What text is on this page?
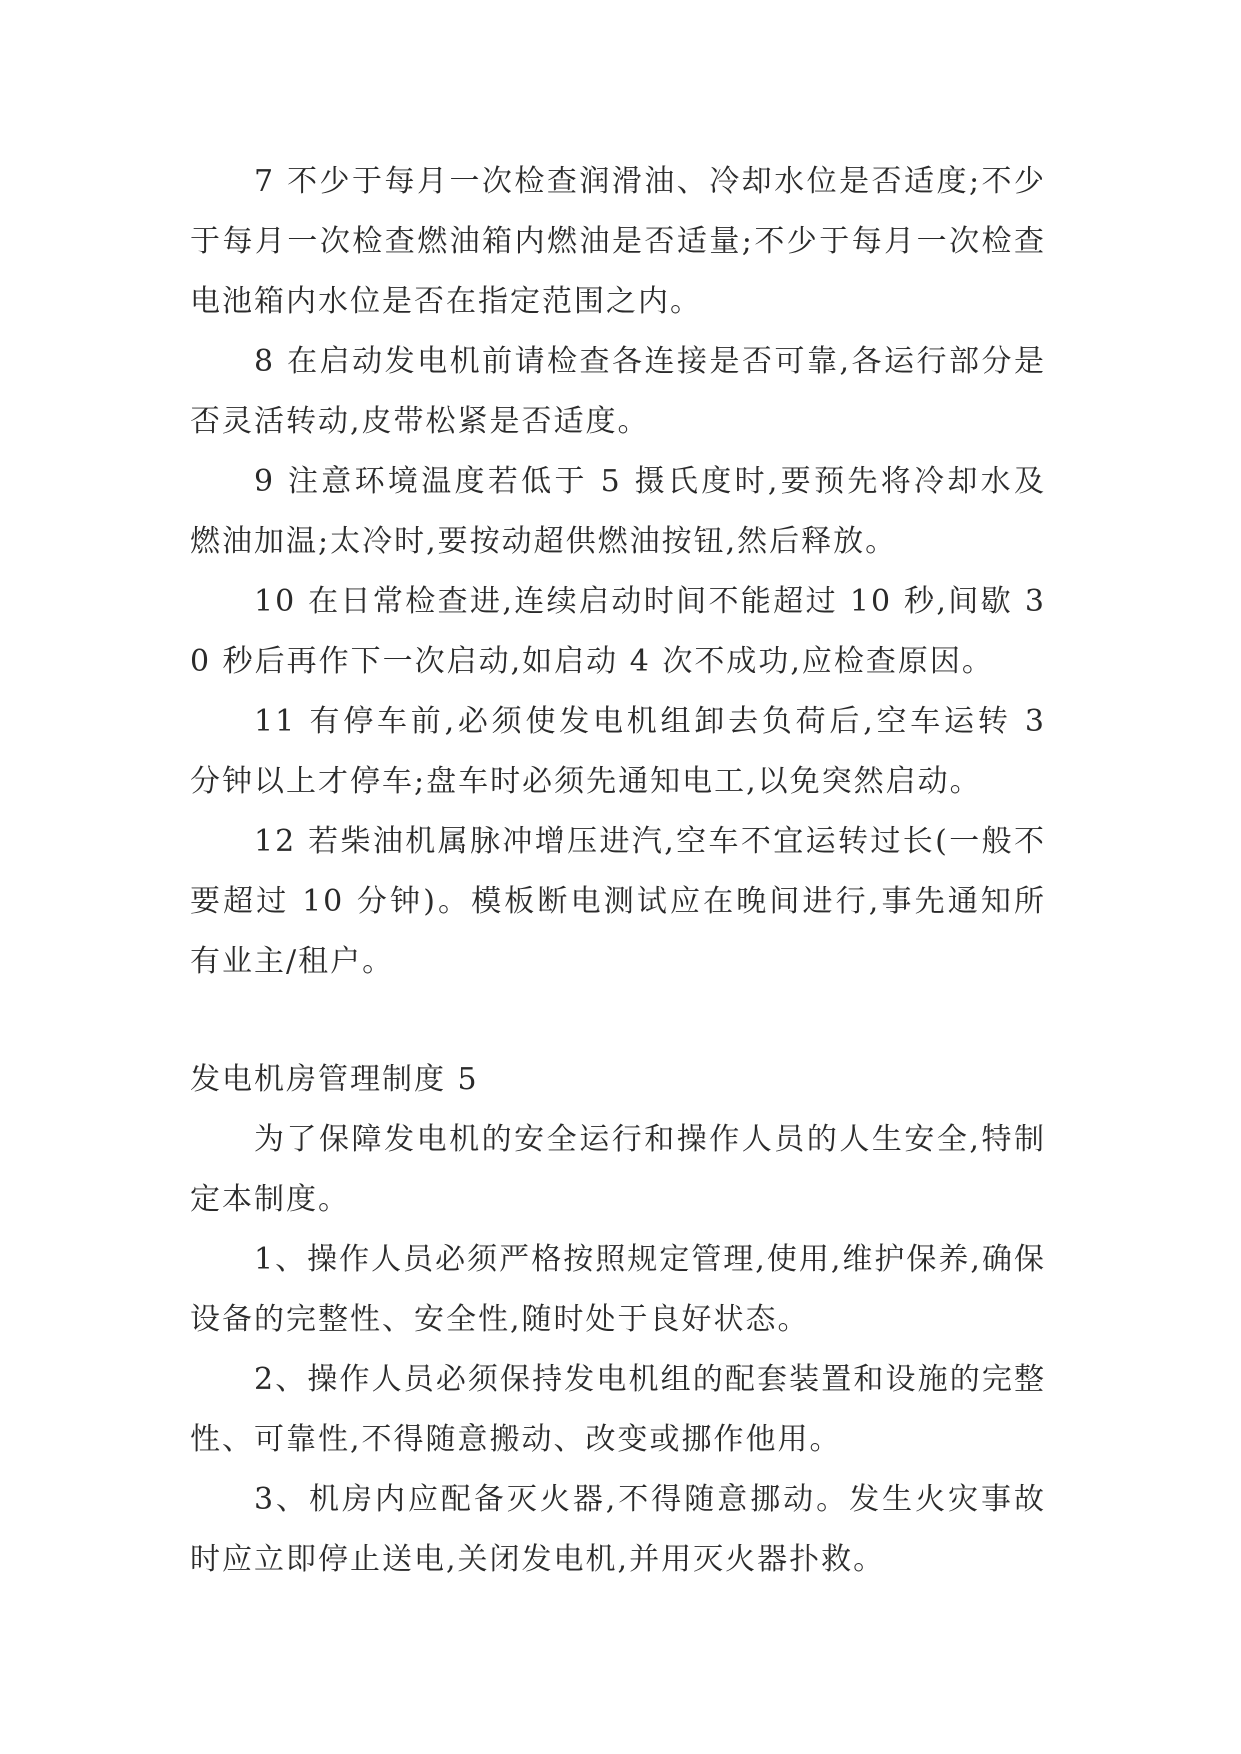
7 不少于每月一次检查润滑油、冷却水位是否适度;不少于每月一次检查燃油箱内燃油是否适量;不少于每月一次检查电池箱内水位是否在指定范围之内。

8 在启动发电机前请检查各连接是否可靠,各运行部分是否灵活转动,皮带松紧是否适度。

9 注意环境温度若低于 5 摄氏度时,要预先将冷却水及燃油加温;太冷时,要按动超供燃油按钮,然后释放。

10 在日常检查进,连续启动时间不能超过 10 秒,间歇 30 秒后再作下一次启动,如启动 4 次不成功,应检查原因。

11 有停车前,必须使发电机组卸去负荷后,空车运转 3 分钟以上才停车;盘车时必须先通知电工,以免突然启动。

12 若柴油机属脉冲增压进汽,空车不宜运转过长(一般不要超过 10 分钟)。模板断电测试应在晚间进行,事先通知所有业主/租户。

发电机房管理制度 5

为了保障发电机的安全运行和操作人员的人生安全,特制定本制度。

1、操作人员必须严格按照规定管理,使用,维护保养,确保设备的完整性、安全性,随时处于良好状态。

2、操作人员必须保持发电机组的配套装置和设施的完整性、可靠性,不得随意搬动、改变或挪作他用。

3、机房内应配备灭火器,不得随意挪动。发生火灾事故时应立即停止送电,关闭发电机,并用灭火器扑救。
